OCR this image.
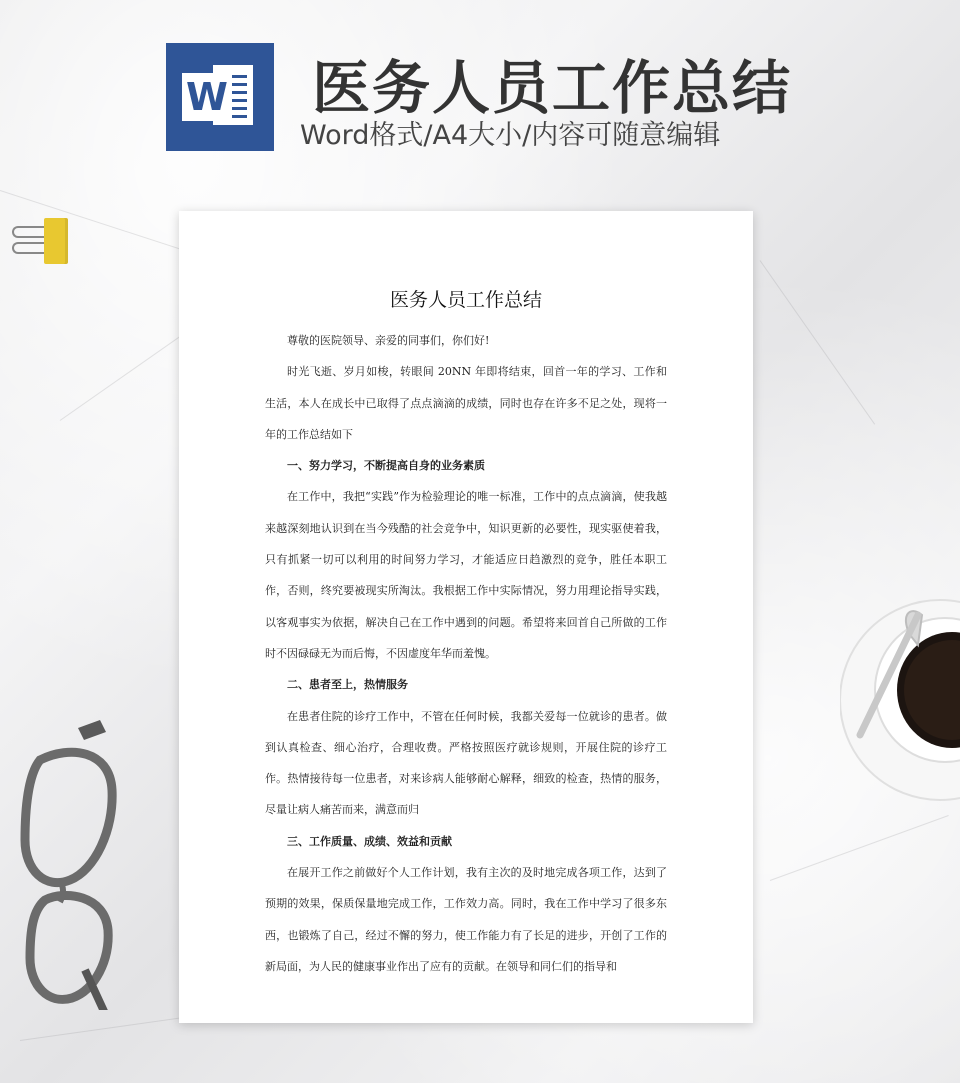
W 医务人员工作总结
Word格式/A4大小/内容可随意编辑
医务人员工作总结

尊敬的医院领导、亲爱的同事们，你们好!

时光飞逝、岁月如梭，转眼间 20NN 年即将结束，回首一年的学习、工作和生活，本人在成长中已取得了点点滴滴的成绩，同时也存在许多不足之处，现将一年的工作总结如下

一、努力学习，不断提高自身的业务素质

在工作中，我把“实践”作为检验理论的唯一标准，工作中的点点滴滴，使我越来越深刻地认识到在当今残酷的社会竞争中，知识更新的必要性，现实驱使着我，只有抓紧一切可以利用的时间努力学习，才能适应日趋激烈的竞争，胜任本职工作，否则，终究要被现实所淘汰。我根据工作中实际情况，努力用理论指导实践，以客观事实为依据，解决自己在工作中遇到的问题。希望将来回首自己所做的工作时不因碌碌无为而后悔，不因虚度年华而羞愧。

二、患者至上，热情服务

在患者住院的诊疗工作中，不管在任何时候，我都关爱每一位就诊的患者。做到认真检查、细心治疗，合理收费。严格按照医疗就诊规则，开展住院的诊疗工作。热情接待每一位患者，对来诊病人能够耐心解释，细致的检查，热情的服务，尽量让病人痛苦而来，满意而归

三、工作质量、成绩、效益和贡献

在展开工作之前做好个人工作计划，我有主次的及时地完成各项工作，达到了预期的效果，保质保量地完成工作，工作效力高。同时，我在工作中学习了很多东西，也锻炼了自己，经过不懈的努力，使工作能力有了长足的进步，开创了工作的新局面，为人民的健康事业作出了应有的贡献。在领导和同仁们的指导和
